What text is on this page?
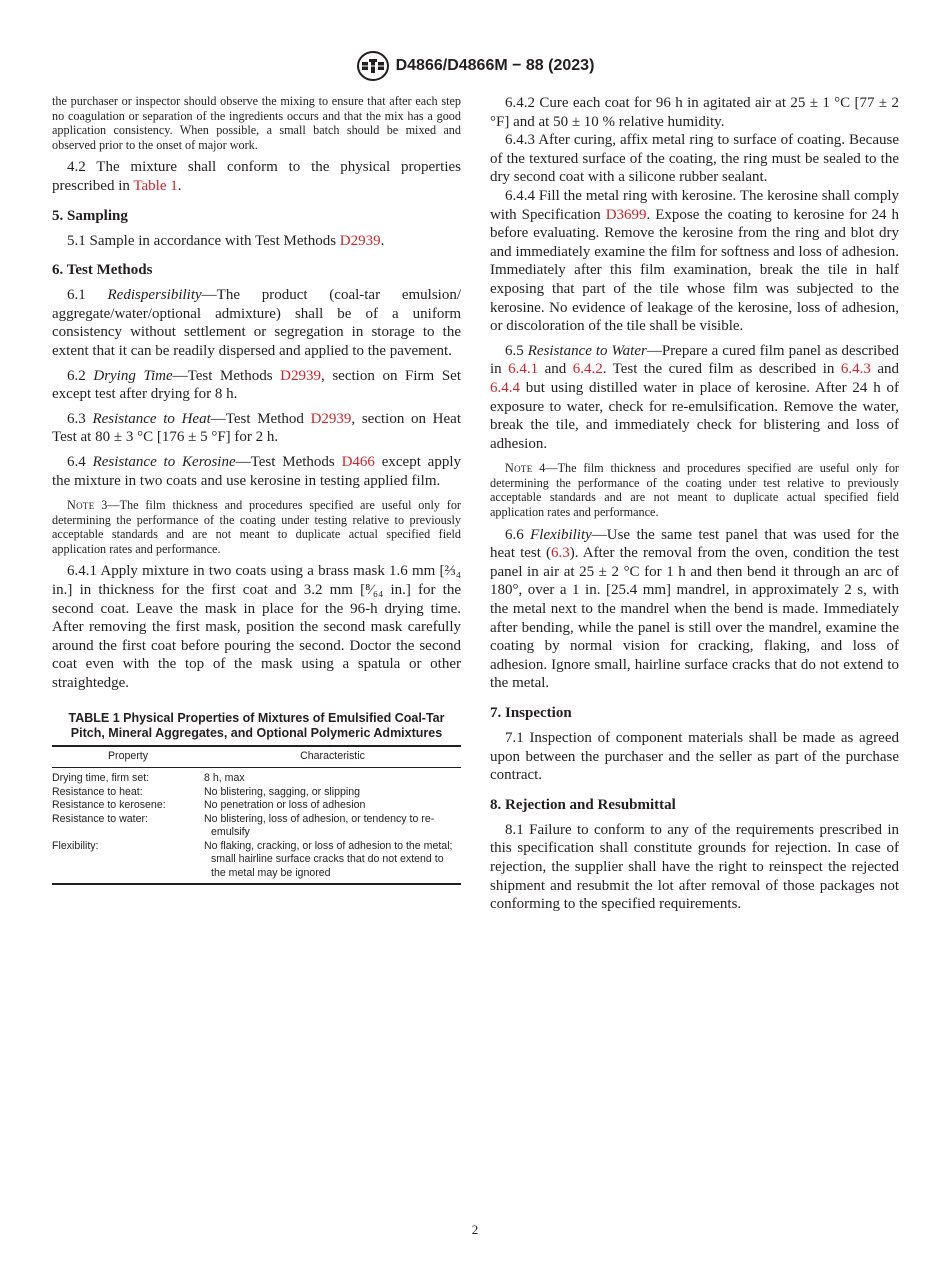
D4866/D4866M − 88 (2023)

the purchaser or inspector should observe the mixing to ensure that after each step no coagulation or separation of the ingredients occurs and that the mix has a good application consistency. When possible, a small batch should be mixed and observed prior to the onset of major work.

4.2 The mixture shall conform to the physical properties prescribed in Table 1.

5. Sampling

5.1 Sample in accordance with Test Methods D2939.

6. Test Methods

6.1 Redispersibility—The product (coal-tar emulsion/ aggregate/water/optional admixture) shall be of a uniform consistency without settlement or segregation in storage to the extent that it can be readily dispersed and applied to the pavement.

6.2 Drying Time—Test Methods D2939, section on Firm Set except test after drying for 8 h.

6.3 Resistance to Heat—Test Method D2939, section on Heat Test at 80 ± 3 °C [176 ± 5 °F] for 2 h.

6.4 Resistance to Kerosine—Test Methods D466 except apply the mixture in two coats and use kerosine in testing applied film.

Note 3—The film thickness and procedures specified are useful only for determining the performance of the coating under testing relative to previously acceptable standards and are not meant to duplicate actual specified field application rates and performance.

6.4.1 Apply mixture in two coats using a brass mask 1.6 mm [⅔₄ in.] in thickness for the first coat and 3.2 mm [⁸⁄₆₄ in.] for the second coat. Leave the mask in place for the 96-h drying time. After removing the first mask, position the second mask carefully around the first coat before pouring the second. Doctor the second coat even with the top of the mask using a spatula or other straightedge.

TABLE 1 Physical Properties of Mixtures of Emulsified Coal-Tar Pitch, Mineral Aggregates, and Optional Polymeric Admixtures
Property	Characteristic
Drying time, firm set:	8 h, max
Resistance to heat:	No blistering, sagging, or slipping
Resistance to kerosene:	No penetration or loss of adhesion
Resistance to water:	No blistering, loss of adhesion, or tendency to re-emulsify
Flexibility:	No flaking, cracking, or loss of adhesion to the metal; small hairline surface cracks that do not extend to the metal may be ignored

6.4.2 Cure each coat for 96 h in agitated air at 25 ± 1 °C [77 ± 2 °F] and at 50 ± 10 % relative humidity.

6.4.3 After curing, affix metal ring to surface of coating. Because of the textured surface of the coating, the ring must be sealed to the dry second coat with a silicone rubber sealant.

6.4.4 Fill the metal ring with kerosine. The kerosine shall comply with Specification D3699. Expose the coating to kerosine for 24 h before evaluating. Remove the kerosine from the ring and blot dry and immediately examine the film for softness and loss of adhesion. Immediately after this film examination, break the tile in half exposing that part of the tile whose film was subjected to the kerosine. No evidence of leakage of the kerosine, loss of adhesion, or discoloration of the tile shall be visible.

6.5 Resistance to Water—Prepare a cured film panel as described in 6.4.1 and 6.4.2. Test the cured film as described in 6.4.3 and 6.4.4 but using distilled water in place of kerosine. After 24 h of exposure to water, check for re-emulsification. Remove the water, break the tile, and immediately check for blistering and loss of adhesion.

Note 4—The film thickness and procedures specified are useful only for determining the performance of the coating under test relative to previously acceptable standards and are not meant to duplicate actual specified field application rates and performance.

6.6 Flexibility—Use the same test panel that was used for the heat test (6.3). After the removal from the oven, condition the test panel in air at 25 ± 2 °C for 1 h and then bend it through an arc of 180°, over a 1 in. [25.4 mm] mandrel, in approximately 2 s, with the metal next to the mandrel when the bend is made. Immediately after bending, while the panel is still over the mandrel, examine the coating by normal vision for cracking, flaking, and loss of adhesion. Ignore small, hairline surface cracks that do not extend to the metal.

7. Inspection

7.1 Inspection of component materials shall be made as agreed upon between the purchaser and the seller as part of the purchase contract.

8. Rejection and Resubmittal

8.1 Failure to conform to any of the requirements prescribed in this specification shall constitute grounds for rejection. In case of rejection, the supplier shall have the right to reinspect the rejected shipment and resubmit the lot after removal of those packages not conforming to the specified requirements.

2
